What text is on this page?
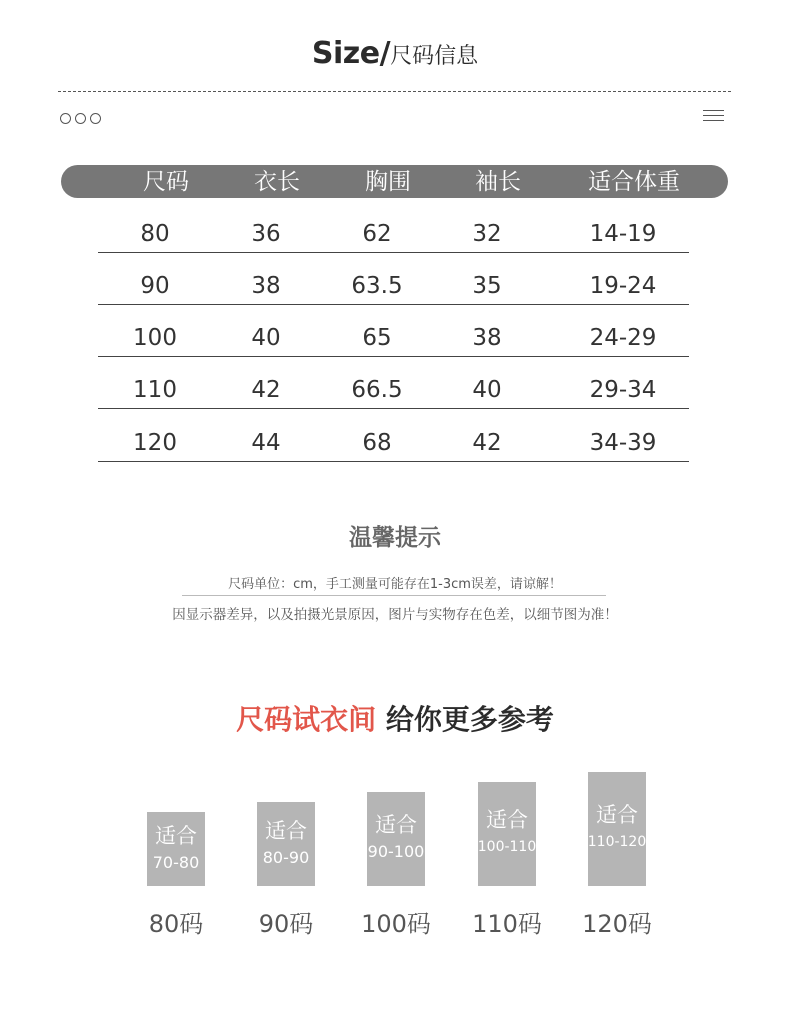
Size/尺码信息
尺码	衣长	胸围	袖长	适合体重
80	36	62	32	14-19
90	38	63.5	35	19-24
100	40	65	38	24-29
110	42	66.5	40	29-34
120	44	68	42	34-39
温馨提示
尺码单位：cm，手工测量可能存在1-3cm误差，请谅解！
因显示器差异，以及拍摄光景原因，图片与实物存在色差，以细节图为准！
尺码试衣间 给你更多参考
适合
70-80
适合
80-90
适合
90-100
适合
100-110
适合
110-120
80码	90码	100码	110码	120码
